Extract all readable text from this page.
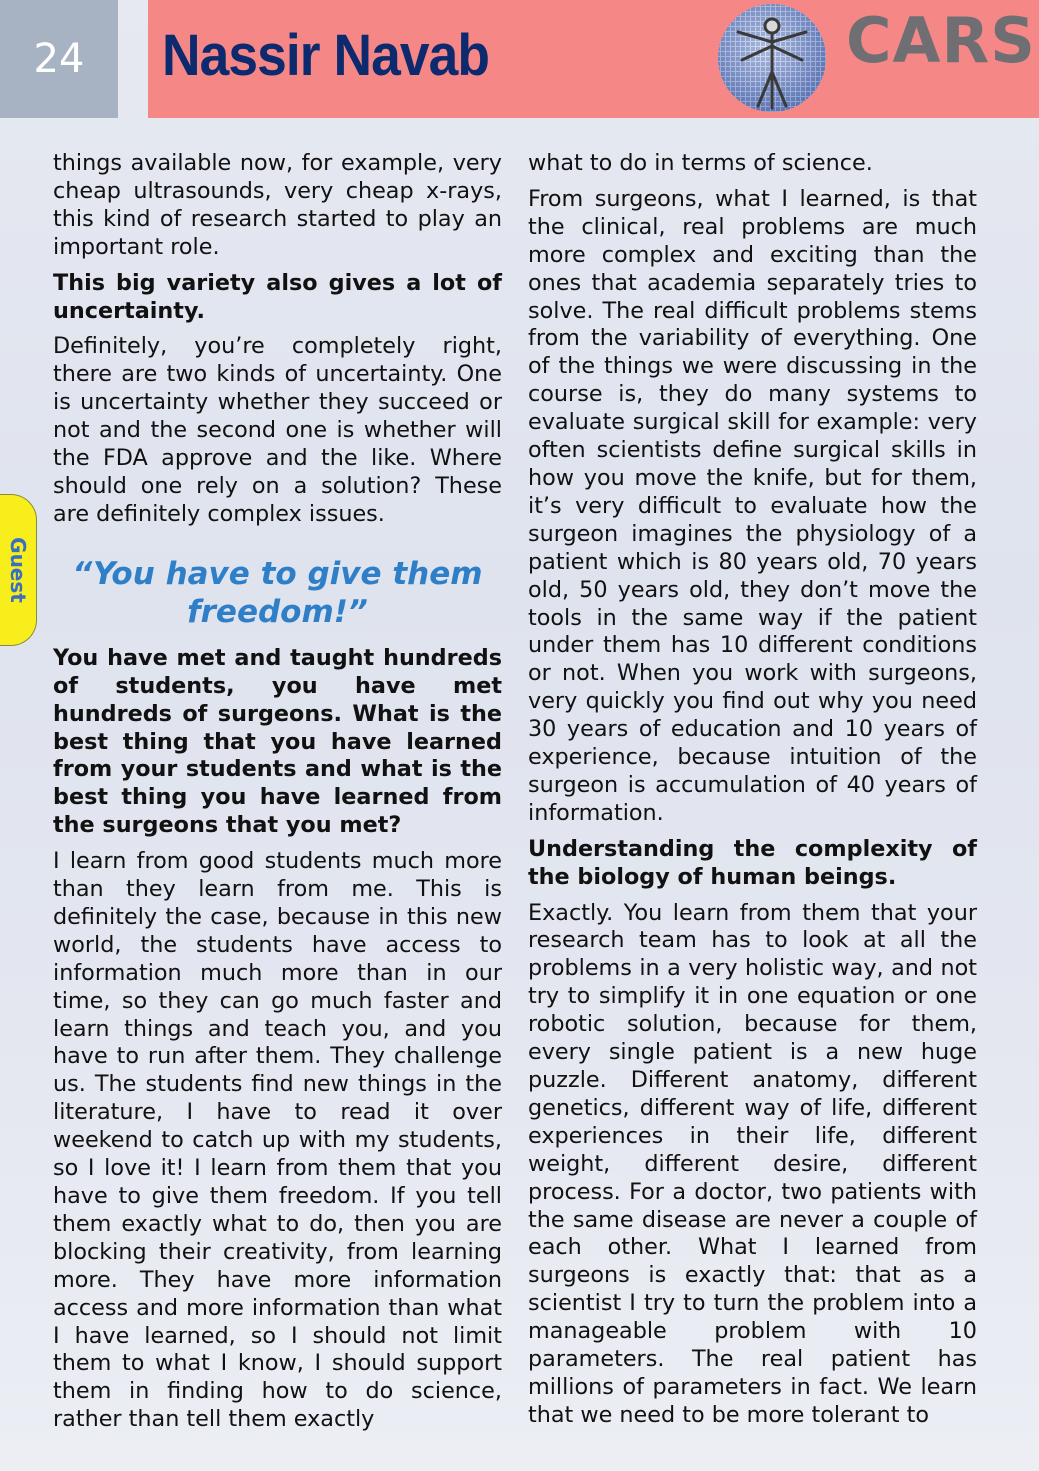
24	Nassir Navab	CARS
Guest

things available now, for example, very cheap ultrasounds, very cheap x-rays, this kind of research started to play an important role.

This big variety also gives a lot of uncertainty.

Definitely, you’re completely right, there are two kinds of uncertainty. One is uncertainty whether they succeed or not and the second one is whether will the FDA approve and the like. Where should one rely on a solution? These are definitely complex issues.

“You have to give them freedom!”

You have met and taught hundreds of students, you have met hundreds of surgeons. What is the best thing that you have learned from your students and what is the best thing you have learned from the surgeons that you met?

I learn from good students much more than they learn from me. This is definitely the case, because in this new world, the students have access to information much more than in our time, so they can go much faster and learn things and teach you, and you have to run after them. They challenge us. The students find new things in the literature, I have to read it over weekend to catch up with my students, so I love it! I learn from them that you have to give them freedom. If you tell them exactly what to do, then you are blocking their creativity, from learning more. They have more information access and more information than what I have learned, so I should not limit them to what I know, I should support them in finding how to do science, rather than tell them exactly

what to do in terms of science.

From surgeons, what I learned, is that the clinical, real problems are much more complex and exciting than the ones that academia separately tries to solve. The real difficult problems stems from the variability of everything. One of the things we were discussing in the course is, they do many systems to evaluate surgical skill for example: very often scientists define surgical skills in how you move the knife, but for them, it’s very difficult to evaluate how the surgeon imagines the physiology of a patient which is 80 years old, 70 years old, 50 years old, they don’t move the tools in the same way if the patient under them has 10 different conditions or not. When you work with surgeons, very quickly you find out why you need 30 years of education and 10 years of experience, because intuition of the surgeon is accumulation of 40 years of information.

Understanding the complexity of the biology of human beings.

Exactly. You learn from them that your research team has to look at all the problems in a very holistic way, and not try to simplify it in one equation or one robotic solution, because for them, every single patient is a new huge puzzle. Different anatomy, different genetics, different way of life, different experiences in their life, different weight, different desire, different process. For a doctor, two patients with the same disease are never a couple of each other. What I learned from surgeons is exactly that: that as a scientist I try to turn the problem into a manageable problem with 10 parameters. The real patient has millions of parameters in fact. We learn that we need to be more tolerant to
